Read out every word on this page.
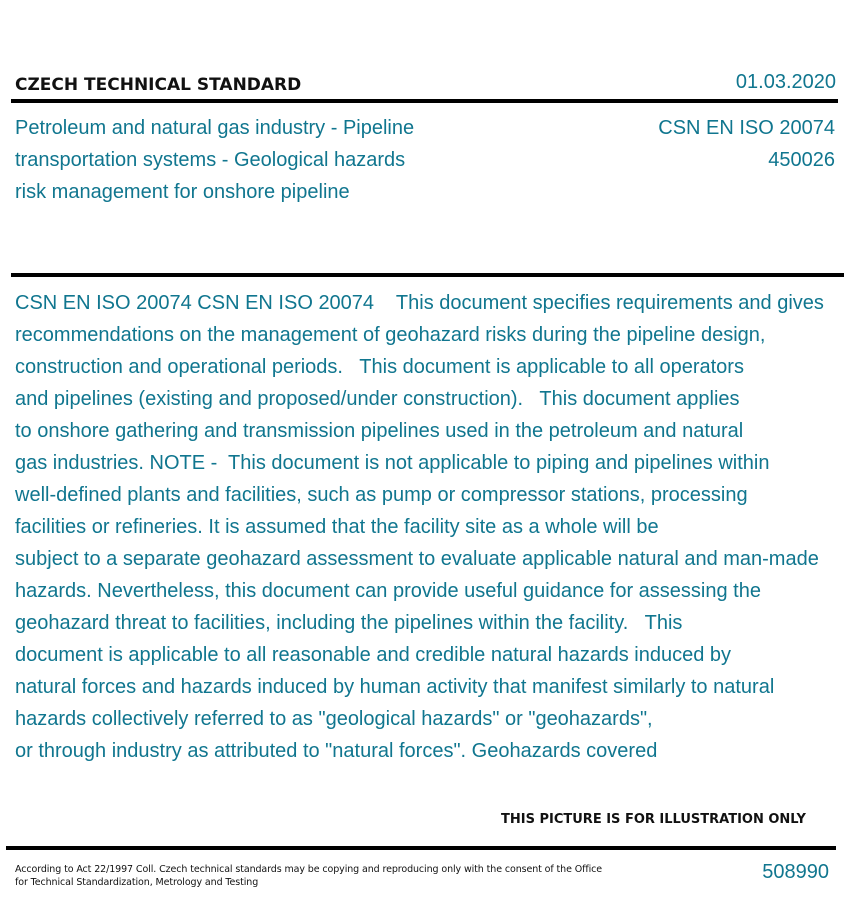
CZECH TECHNICAL STANDARD	01.03.2020
Petroleum and natural gas industry - Pipeline
transportation systems - Geological hazards
risk management for onshore pipeline
CSN EN ISO 20074
450026
CSN EN ISO 20074 CSN EN ISO 20074    This document specifies requirements and gives
recommendations on the management of geohazard risks during the pipeline design,
construction and operational periods.   This document is applicable to all operators
and pipelines (existing and proposed/under construction).   This document applies
to onshore gathering and transmission pipelines used in the petroleum and natural
gas industries. NOTE -  This document is not applicable to piping and pipelines within
well-defined plants and facilities, such as pump or compressor stations, processing
facilities or refineries. It is assumed that the facility site as a whole will be
subject to a separate geohazard assessment to evaluate applicable natural and man-made
hazards. Nevertheless, this document can provide useful guidance for assessing the
geohazard threat to facilities, including the pipelines within the facility.   This
document is applicable to all reasonable and credible natural hazards induced by
natural forces and hazards induced by human activity that manifest similarly to natural
hazards collectively referred to as "geological hazards" or "geohazards",
or through industry as attributed to "natural forces". Geohazards covered
THIS PICTURE IS FOR ILLUSTRATION ONLY
According to Act 22/1997 Coll. Czech technical standards may be copying and reproducing only with the consent of the Office
for Technical Standardization, Metrology and Testing	508990
